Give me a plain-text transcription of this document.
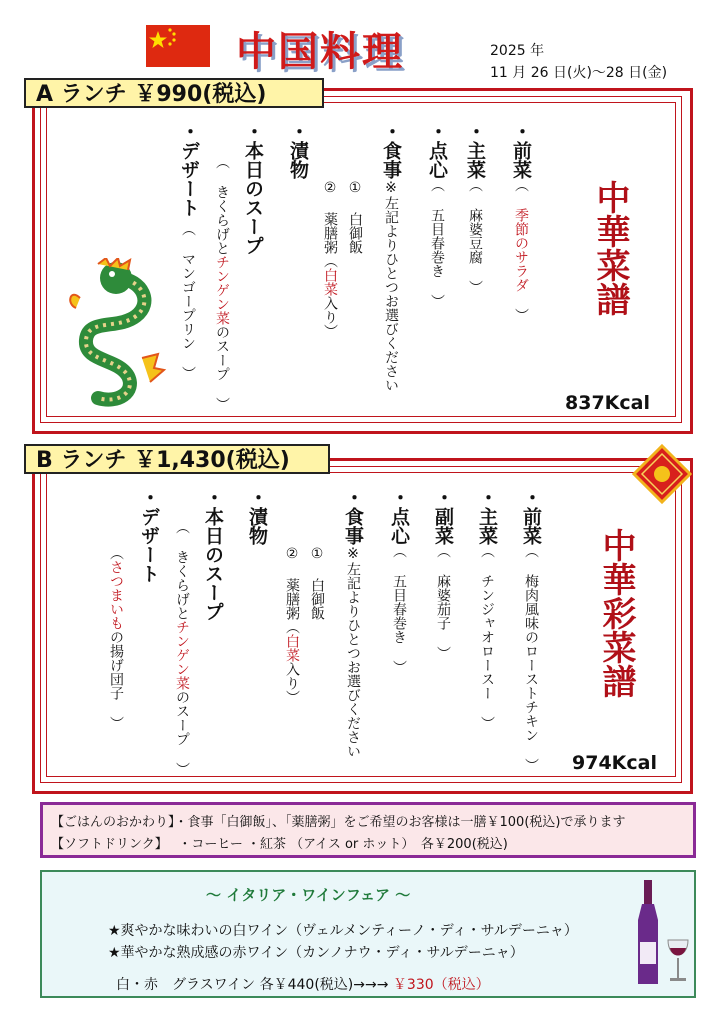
中国料理	2025 年
11 月 26 日(火)～28 日(金)
A ランチ ￥990(税込)
中華菜譜
・前菜
（ 季節のサラダ ）
・主菜
（ 麻婆豆腐 ）
・点心
（ 五目春巻き ）
・食事
※左記よりひとつお選びください
① 白御飯
② 薬膳粥（白菜入り）
・漬物
・本日のスープ
（ きくらげとチンゲン菜のスープ ）
・デザート
（ マンゴープリン ）
837Kcal
B ランチ ￥1,430(税込)
中華彩菜譜
・前菜
（ 梅肉風味のローストチキン ）
・主菜
（ チンジャオロースー ）
・副菜
（ 麻婆茄子 ）
・点心
（ 五目春巻き ）
・食事
※左記よりひとつお選びください
① 白御飯
② 薬膳粥（白菜入り）
・漬物
・本日のスープ
（ きくらげとチンゲン菜のスープ ）
・デザート
（さつまいもの揚げ団子 ）
974Kcal
【ごはんのおかわり】・食事「白御飯」、「薬膳粥」をご希望のお客様は一膳￥100(税込)で承ります
【ソフトドリンク】　 ・コーヒー ・紅茶 （アイス or ホット）　各￥200(税込)
～ イタリア・ワインフェア ～
★爽やかな味わいの白ワイン（ヴェルメンティーノ・ディ・サルデーニャ）
★華やかな熟成感の赤ワイン（カンノナウ・ディ・サルデーニャ）
白・赤　グラスワイン 各￥440(税込)→→→ ￥330（税込）
